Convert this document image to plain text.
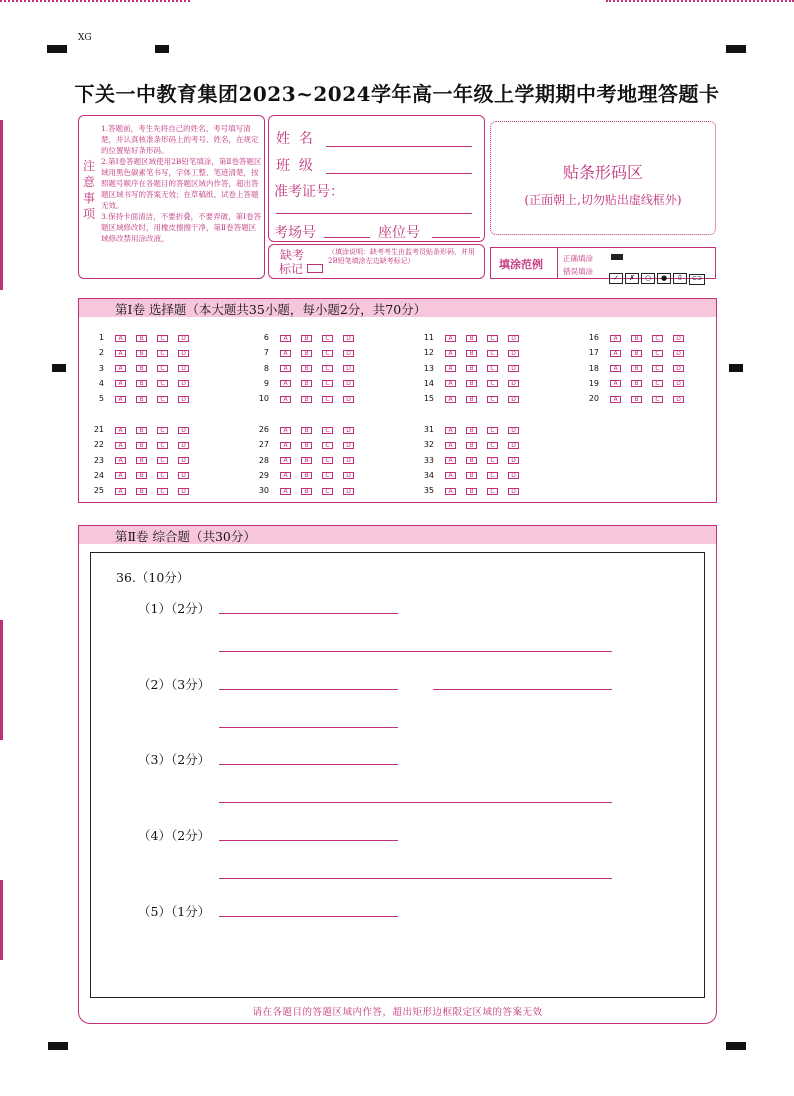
XG
下关一中教育集团2023~2024学年高一年级上学期期中考地理答题卡
注
意
事
项
1.答题前，考生先将自己的姓名、考号填写清楚，并认真核准条形码上的考号、姓名，在规定的位置贴好条形码。
2.第Ⅰ卷答题区域使用2B铅笔填涂，第Ⅱ卷答题区域用黑色碳素笔书写，字体工整、笔迹清楚，按照题号顺序在各题目的答题区域内作答，超出答题区域书写的答案无效；在草稿纸、试卷上答题无效。
3.保持卡面清洁，不要折叠，不要弄破，第Ⅰ卷答题区域修改时，用橡皮擦擦干净，第Ⅱ卷答题区域修改禁用涂改液。
姓  名
班  级
准考证号：
考场号	座位号
缺考
标记
（填涂说明：缺考考生由监考员贴条形码，并用2B铅笔填涂左边缺考标记）
贴条形码区
(正面朝上,切勿贴出虚线框外)
填涂范例	正确填涂
错误填涂
✓ ✗ ○ ● ⌷ ⊂⊃
第Ⅰ卷 选择题（本大题共35小题，每小题2分，共70分）
1	A	B	C	D
2	A	B	C	D
3	A	B	C	D
4	A	B	C	D
5	A	B	C	D
6	A	B	C	D
7	A	B	C	D
8	A	B	C	D
9	A	B	C	D
10	A	B	C	D
11	A	B	C	D
12	A	B	C	D
13	A	B	C	D
14	A	B	C	D
15	A	B	C	D
16	A	B	C	D
17	A	B	C	D
18	A	B	C	D
19	A	B	C	D
20	A	B	C	D
21	A	B	C	D
22	A	B	C	D
23	A	B	C	D
24	A	B	C	D
25	A	B	C	D
26	A	B	C	D
27	A	B	C	D
28	A	B	C	D
29	A	B	C	D
30	A	B	C	D
31	A	B	C	D
32	A	B	C	D
33	A	B	C	D
34	A	B	C	D
35	A	B	C	D
第Ⅱ卷 综合题（共30分）
36.（10分）
（1）（2分）
（2）（3分）
（3）（2分）
（4）（2分）
（5）（1分）
请在各题目的答题区域内作答，超出矩形边框限定区域的答案无效
